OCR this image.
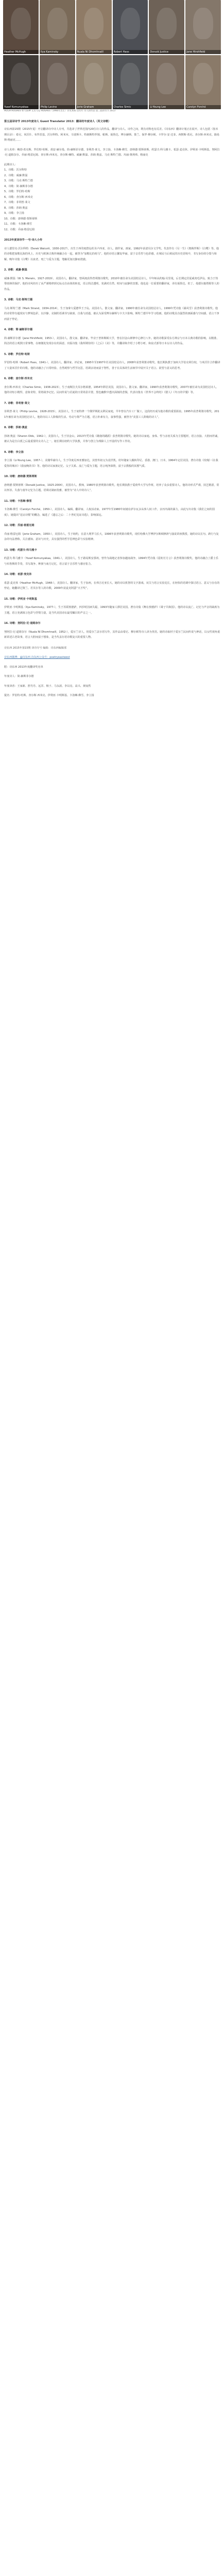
Heather McHugh	Ilya Kaminsky	Nuala Ni Dhomhnaill	Robert Hass	Donald Justice	Jane Hirshfield
Yusef Komunyakaa	Philip Levine	Jorie Graham	Charles Simic	Li-Young Lee	Carolyn Forché
HUGH HUGHES 和 CLEM 又名马克·HUGHES（1966年出生）详见本期 这些年 诗人的作品 第三届译诗节 2013
第五届译诗节 2013年度诗人 Guest Translator 2013：翻译的年度诗人（英文诗歌）

诗东西第15期（2015年夏）开启翻译诗中诗人专刊，共选译了世界范围内20位诗人的作品，翻译与诗人、诗作之间，既有对称也有反差。《诗东西》翻译计划正在展开。诗人包括（按本期目录）：希尼、米沃什、布罗茨基、沃尔科特、阿米亥、辛波斯卡、特朗斯特罗姆、帕斯、聂鲁达、博尔赫斯、策兰、保罗·穆尔顿、卡罗尔·安·达菲、西默斯·希尼、查尔斯·西米克、路易斯·格丽克……

诗人名单：鲍勃·希克斯、罗伯特·哈斯、胡安·赫尔曼、简·赫斯菲尔德、菲利普·莱文、李立扬、卡洛琳·佛雪、唐纳德·贾斯蒂斯、约瑟夫·科马雅卡、希瑟·麦克休、伊利亚·卡明斯基、努阿拉·尼·道姆奈尔、乔丽·格雷厄姆、查尔斯·西米克、查尔斯·赖特、威廉·默温、莎朗·奥兹、马克·斯特兰德、玛丽·奥利弗、格丽克

此期诗人：

1、诗歌：沃尔科特

2、诗歌：威廉·默温

3、诗歌：马克·斯特兰德

4、诗歌：简·赫斯菲尔德

5、诗歌：罗伯特·哈斯

6、诗歌：查尔斯·西米克

7、诗歌：菲利普·莱文

8、诗歌：莎朗·奥兹

9、诗歌：李立扬

10、诗歌：唐纳德·贾斯蒂斯

11、诗歌：卡洛琳·佛雪

12、诗歌：乔丽·格雷厄姆

2013年度译诗节·一号·诗人小传

诗人德里克·沃尔科特（Derek Walcott，1930-2017），出生于西印度群岛的圣卢西亚，诗人、剧作家、画家。1992年获诺贝尔文学奖。代表作有《另一生》《奥梅罗斯》《白鹭》等。他的诗歌把加勒比海的风土、历史与欧洲古典传统融合在一起，被誉为“加勒比的荷马”。他的诗语言繁复华丽，富于音乐性与色彩感，在殖民与后殖民的历史语境中，书写身份的分裂与和解。晚年诗集《白鹭》以衰老、死亡与爱为主题，笔触更加沉静而澄澈。

2. 诗歌：威廉·默温

威廉·默温（W. S. Merwin，1927-2019），美国诗人、翻译家，曾两度获得普利策诗歌奖，2010年被任命为美国桂冠诗人。早年师从约翰·贝里曼，后长期定居夏威夷毛伊岛，致力于热带雨林的保护。他的诗风经历了从严谨格律到无标点自由体的转变，语言简洁透明，充满对自然、时间与寂静的冥想。他也是一位重要的翻译家，译有聂鲁达、但丁、曼德尔施塔姆等人的作品。

3. 诗歌：马克·斯特兰德

马克·斯特兰德（Mark Strand，1934-2014），生于加拿大爱德华王子岛，美国诗人、散文家、翻译家，1990年被任命为美国桂冠诗人，1999年凭诗集《暴风雪》获普利策诗歌奖。他的诗常带有超现实与梦境色彩，以冷静、克制的语调书写缺席、自我与消逝，被认为深受博尔赫斯与卡夫卡影响。斯特兰德早年学习绘画，他的诗歌具有强烈的画面感与空间感，语言干净而富于悖论。

4. 诗歌：简·赫斯菲尔德

简·赫斯菲尔德（Jane Hirshfield，1953-），美国诗人、散文家、翻译家。毕业于普林斯顿大学，曾在旧金山禅修中心修行八年。她的诗歌深受东方禅宗与日本古典诗歌的影响，以精准、简洁的语言观照日常事物，在细微处发现存在的深意。出版诗集《我所期待的》《之后》《美》等，并翻译和介绍了小野小町、和泉式部等日本女诗人的作品。

5. 诗歌：罗伯特·哈斯

罗伯特·哈斯（Robert Hass，1941-），美国诗人、翻译家、评论家，1995年至1997年任美国桂冠诗人，2008年获普利策诗歌奖。他长期执教于加州大学伯克利分校，与米沃什合作翻译了大量米沃什的诗歌。他的诗融合了日常经验、自然观察与哲学沉思，语调亲切而富于智性，善于在具体的生活细节中展开关于语言、欲望与意义的思考。

6. 诗歌：查尔斯·西米克

查尔斯·西米克（Charles Simic，1938-2023），生于南斯拉夫贝尔格莱德，1954年移居美国，美国诗人、散文家、翻译家，1990年获普利策诗歌奖，2007年被任命为美国桂冠诗人。他的诗短小精悍，意象奇特，常将战争记忆、民间传说与荒诞的日常场景并置，黑色幽默中透出深刻的悲悯。代表诗集有《世界不会终结》《猎人》《冬日的早餐》等。

7. 诗歌：菲利普·莱文

菲利普·莱文（Philip Levine，1928-2015），美国诗人，生于底特律一个俄罗斯犹太移民家庭，早年曾在汽车工厂做工，这段经历成为他诗歌的重要源泉。1995年获普利策诗歌奖，2011年被任命为美国桂冠诗人。他的诗以工人阶级的生活、劳动与尊严为主题，语言朴素有力，叙事性强，被誉为“美国工人阶级的诗人”。

8. 诗歌：莎朗·奥兹

莎朗·奥兹（Sharon Olds，1942-），美国诗人，生于旧金山，2013年凭诗集《雄鹿的跳跃》获普利策诗歌奖。她的诗以家庭、身体、性与亲密关系为主要题材，语言直接、大胆而坦诚，被认为是自白派之后最重要的女诗人之一。她长期在纽约大学执教，并参与创立为残障人士开设的写作工作坊。

9. 诗歌：李立扬

李立扬（Li-Young Lee，1957-），美籍华裔诗人，生于印度尼西亚雅加达，其曾外祖父为袁世凯。幼年随家人辗转印尼、香港、澳门、日本，1964年定居美国。著有诗集《玫瑰》《在我爱你的城市》《我夜晚的书》等。他的诗以家族记忆、父子关系、流亡与爱为主题，语言纯净深情，富于宗教般的冥想气质。

10. 诗歌：唐纳德·贾斯蒂斯

唐纳德·贾斯蒂斯（Donald Justice，1925-2004），美国诗人、教师，1980年获普利策诗歌奖。他长期执教于爱荷华大学写作班，培养了众多重要诗人。他的诗形式严谨，技艺精湛，常以怀旧、失落与童年记忆为主题，语调克制而优雅，被誉为“诗人中的诗人”。

11. 诗歌：卡洛琳·佛雪

卡洛琳·佛雪（Carolyn Forché，1950-），美国诗人、编辑、翻译家、人权活动家。1977年至1980年间她在萨尔瓦多从事人权工作，亲历内战的暴力，由此写出诗集《我们之间的国度》。她提出“见证诗歌”的概念，编选了《遗忘之后：二十世纪见证诗选》，影响深远。

12. 诗歌：乔丽·格雷厄姆

乔丽·格雷厄姆（Jorie Graham，1950-），美国诗人，生于纽约，在意大利罗马长大，1996年获普利策诗歌奖，现任哈佛大学博伊尔斯顿修辞与演说讲座教授。她的诗以长句、跨行与复杂的句法著称，关注感知、意识与历史，具有强烈的哲学思辨色彩与实验精神。

13. 诗歌：约瑟夫·科马雅卡

约瑟夫·科马雅卡（Yusef Komunyakaa，1941-），美国诗人，生于路易斯安那州，曾作为战地记者参加越南战争，1994年凭诗集《霓虹灯方言》获普利策诗歌奖。他的诗融合了爵士乐与布鲁斯的节奏，书写战争、种族与南方记忆，语言富于音乐性与感官张力。

14. 诗歌：希瑟·麦克休

希瑟·麦克休（Heather McHugh，1948-），美国诗人、翻译家，生于加州，在弗吉尼亚长大。她的诗以机智的文字游戏、双关与语言实验见长，在轻快的语调中探讨语言、意义与存在的悖论。她翻译过策兰、若贝尔等人的诗歌，2009年获麦克阿瑟“天才奖”。

15. 诗歌：伊利亚·卡明斯基

伊利亚·卡明斯基（Ilya Kaminsky，1977-），生于苏联敖德萨，四岁时因病失聪，1993年随家人移居美国。著有诗集《舞在敖德萨》《聋子共和国》。他的诗以流亡、记忆与声音的缺席为主题，语言充满寓言色彩与抒情力量，是当代美国诗坛最受瞩目的声音之一。

16. 诗歌：努阿拉·尼·道姆奈尔

努阿拉·尼·道姆奈尔（Nuala Ní Dhomhnaill，1952-），爱尔兰诗人，用爱尔兰盖尔语写作，其作品由希尼、穆尔顿等诗人译为英语。她的诗取材于爱尔兰民间传说与神话，以女性视角重新讲述古老故事，语言大胆而富于想象，是当代盖尔语诗歌复兴的重要人物。

诗东西 2015年第15期 译诗专号 编辑：诗东西编辑部

诗东西微博：@诗东西 诗东西公众号：poetryeastwest

附：诗东西 2013年度翻译奖名单

年度诗人：简·赫斯菲尔德

年度译者：王家新、舒丹丹、远洋、杨子、马永波、李以亮、高兴、黄灿然

提名：罗伯特·哈斯、查尔斯·西米克、伊利亚·卡明斯基、卡洛琳·佛雪、李立扬
